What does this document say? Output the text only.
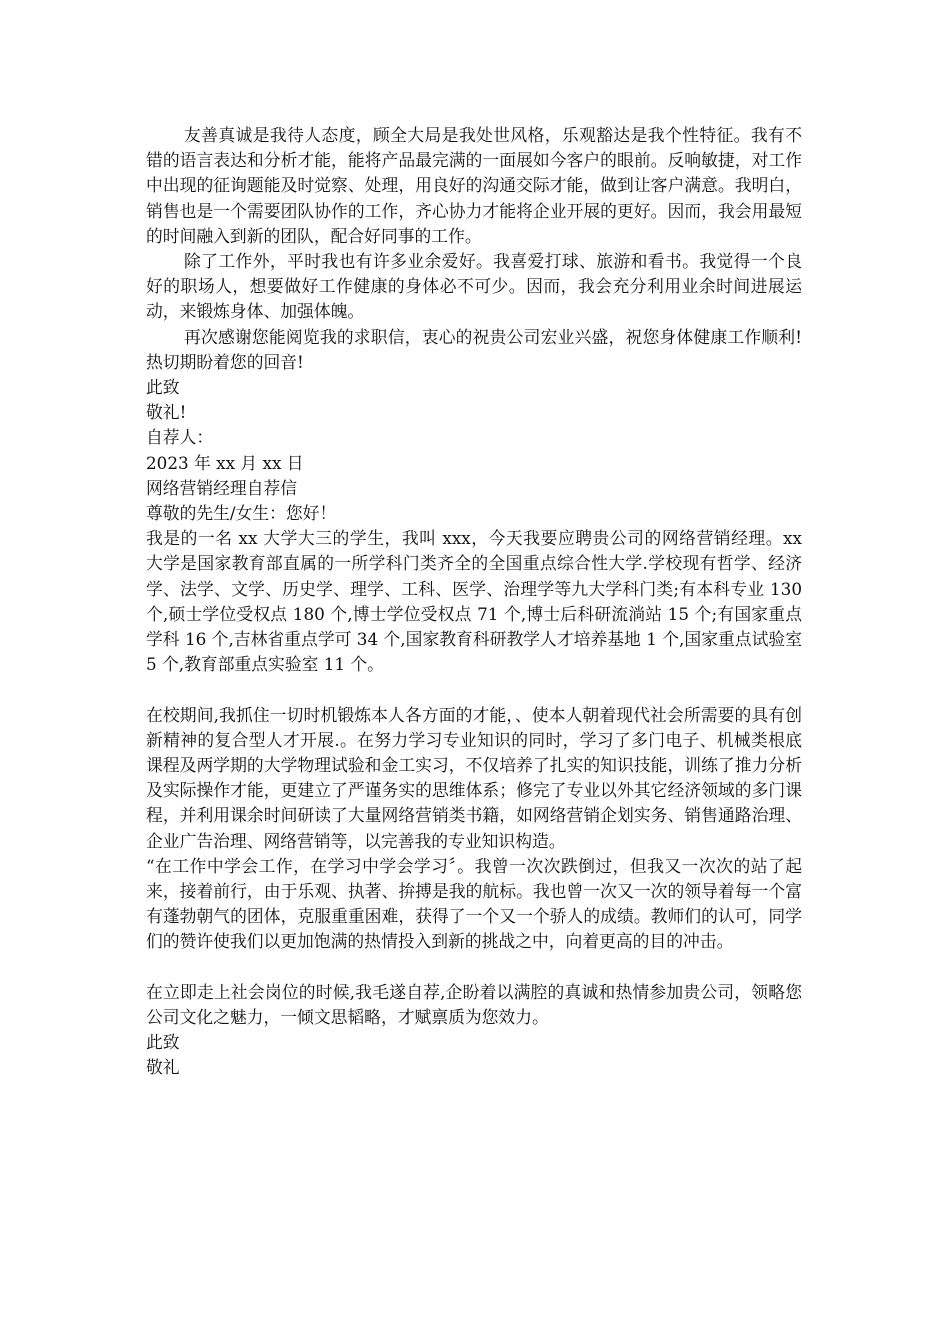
友善真诚是我待人态度，顾全大局是我处世风格，乐观豁达是我个性特征。我有不错的语言表达和分析才能，能将产品最完满的一面展如今客户的眼前。反响敏捷，对工作中出现的征询题能及时觉察、处理，用良好的沟通交际才能，做到让客户满意。我明白，销售也是一个需要团队协作的工作，齐心协力才能将企业开展的更好。因而，我会用最短的时间融入到新的团队，配合好同事的工作。

除了工作外，平时我也有许多业余爱好。我喜爱打球、旅游和看书。我觉得一个良好的职场人，想要做好工作健康的身体必不可少。因而，我会充分利用业余时间进展运动，来锻炼身体、加强体魄。

再次感谢您能阅览我的求职信，衷心的祝贵公司宏业兴盛，祝您身体健康工作顺利!热切期盼着您的回音!

此致

敬礼!

自荐人：

2023 年 xx 月 xx 日

网络营销经理自荐信

尊敬的先生/女生：您好！

我是的一名 xx 大学大三的学生，我叫 xxx，今天我要应聘贵公司的网络营销经理。xx 大学是国家教育部直属的一所学科门类齐全的全国重点综合性大学.学校现有哲学、经济学、法学、文学、历史学、理学、工科、医学、治理学等九大学科门类;有本科专业 130 个,硕士学位受权点 180 个,博士学位受权点 71 个,博士后科研流淌站 15 个;有国家重点学科 16 个,吉林省重点学可 34 个,国家教育科研教学人才培养基地 1 个,国家重点试验室 5 个,教育部重点实验室 11 个。

在校期间,我抓住一切时机锻炼本人各方面的才能，、使本人朝着现代社会所需要的具有创新精神的复合型人才开展.。在努力学习专业知识的同时，学习了多门电子、机械类根底课程及两学期的大学物理试验和金工实习，不仅培养了扎实的知识技能，训练了推力分析及实际操作才能，更建立了严谨务实的思维体系；修完了专业以外其它经济领域的多门课程，并利用课余时间研读了大量网络营销类书籍，如网络营销企划实务、销售通路治理、企业广告治理、网络营销等，以完善我的专业知识构造。

“在工作中学会工作，在学习中学会学习〞。我曾一次次跌倒过，但我又一次次的站了起来，接着前行，由于乐观、执著、拚搏是我的航标。我也曾一次又一次的领导着每一个富有蓬勃朝气的团体，克服重重困难，获得了一个又一个骄人的成绩。教师们的认可，同学们的赞许使我们以更加饱满的热情投入到新的挑战之中，向着更高的目的冲击。

在立即走上社会岗位的时候,我毛遂自荐,企盼着以满腔的真诚和热情参加贵公司，领略您公司文化之魅力，一倾文思韬略，才赋禀质为您效力。

此致

敬礼
